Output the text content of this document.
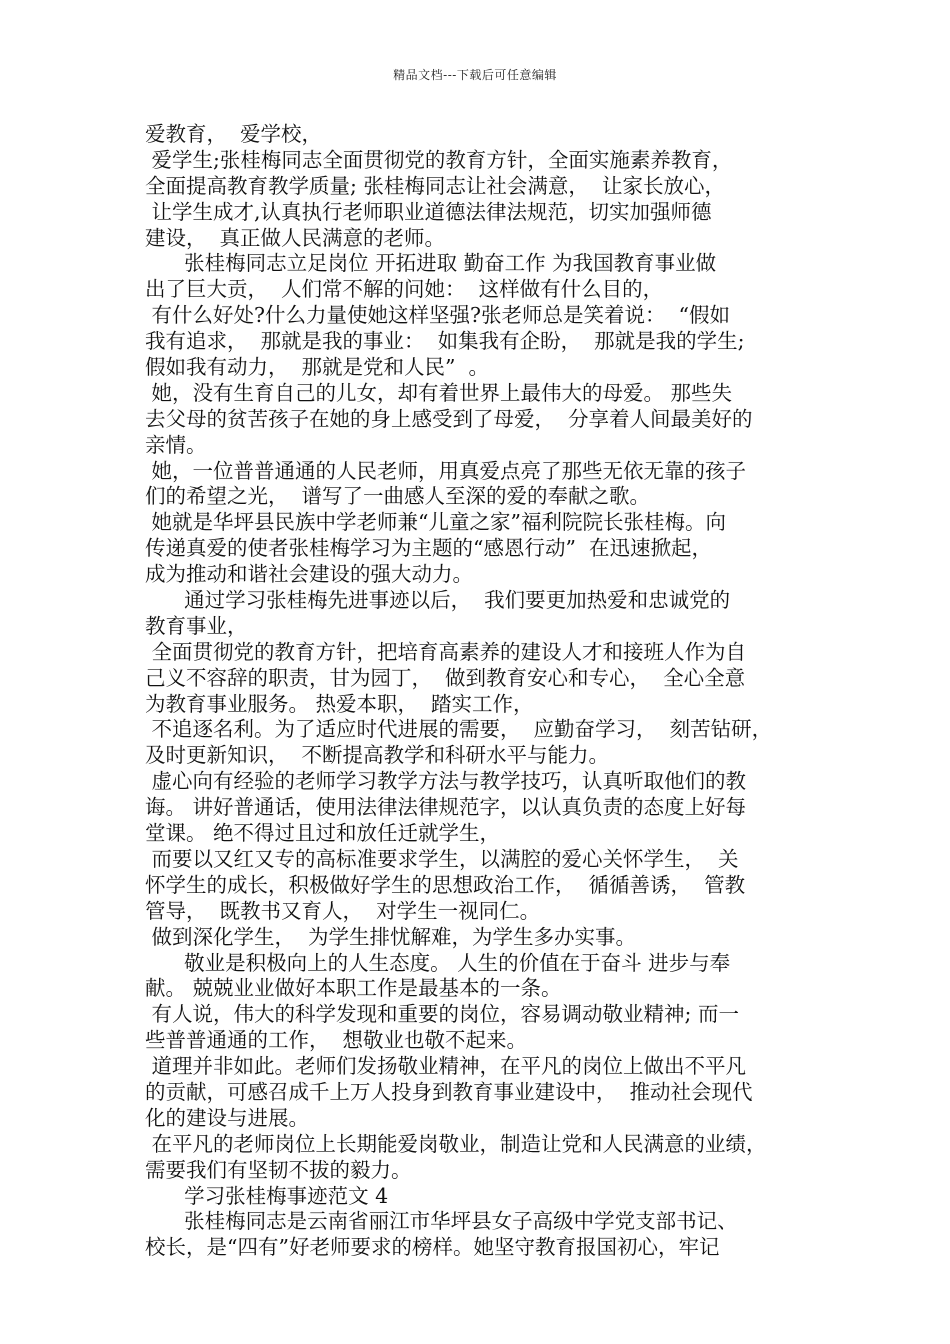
精品文档---下载后可任意编辑
爱教育，  爱学校，
爱学生;张桂梅同志全面贯彻党的教育方针，全面实施素养教育，
全面提高教育教学质量; 张桂梅同志让社会满意，  让家长放心，
让学生成才,认真执行老师职业道德法律法规范，切实加强师德
建设，  真正做人民满意的老师。
张桂梅同志立足岗位 开拓进取 勤奋工作 为我国教育事业做
出了巨大贡，  人们常不解的问她：  这样做有什么目的，
有什么好处?什么力量使她这样坚强?张老师总是笑着说：  “假如
我有追求，  那就是我的事业：  如集我有企盼，  那就是我的学生;
假如我有动力，  那就是党和人民”  。
她，没有生育自己的儿女，却有着世界上最伟大的母爱。 那些失
去父母的贫苦孩子在她的身上感受到了母爱，  分享着人间最美好的
亲情。
她，一位普普通通的人民老师，用真爱点亮了那些无依无靠的孩子
们的希望之光，  谱写了一曲感人至深的爱的奉献之歌。
她就是华坪县民族中学老师兼“儿童之家”福利院院长张桂梅。向
传递真爱的使者张桂梅学习为主题的“感恩行动”  在迅速掀起，
成为推动和谐社会建设的强大动力。
通过学习张桂梅先进事迹以后，  我们要更加热爱和忠诚党的
教育事业，
全面贯彻党的教育方针，把培育高素养的建设人才和接班人作为自
己义不容辞的职责，甘为园丁，  做到教育安心和专心，  全心全意
为教育事业服务。 热爱本职，  踏实工作，
不追逐名利。为了适应时代进展的需要，  应勤奋学习，  刻苦钻研，
及时更新知识，  不断提高教学和科研水平与能力。
虚心向有经验的老师学习教学方法与教学技巧，认真听取他们的教
诲。 讲好普通话，使用法律法律规范字，以认真负责的态度上好每
堂课。 绝不得过且过和放任迁就学生，
而要以又红又专的高标准要求学生，以满腔的爱心关怀学生，  关
怀学生的成长，积极做好学生的思想政治工作，  循循善诱，  管教
管导，  既教书又育人，  对学生一视同仁。
做到深化学生，  为学生排忧解难，为学生多办实事。
敬业是积极向上的人生态度。 人生的价值在于奋斗 进步与奉
献。 兢兢业业做好本职工作是最基本的一条。
有人说，伟大的科学发现和重要的岗位，容易调动敬业精神; 而一
些普普通通的工作，  想敬业也敬不起来。
道理并非如此。老师们发扬敬业精神，在平凡的岗位上做出不平凡
的贡献，可感召成千上万人投身到教育事业建设中，  推动社会现代
化的建设与进展。
在平凡的老师岗位上长期能爱岗敬业，制造让党和人民满意的业绩，
需要我们有坚韧不拔的毅力。
学习张桂梅事迹范文 4
张桂梅同志是云南省丽江市华坪县女子高级中学党支部书记、
校长，是“四有”好老师要求的榜样。她坚守教育报国初心，牢记
